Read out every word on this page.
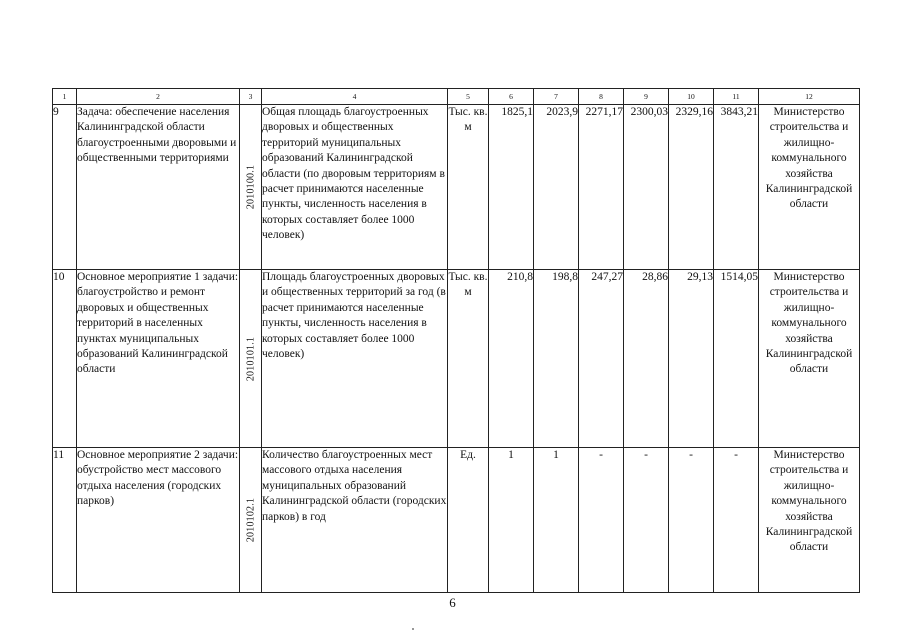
1	2	3	4	5	6	7	8	9	10	11	12
9	Задача: обеспечение населения Калининградской области благоустроенными дворовыми и общественными территориями	2010100.1	Общая площадь благоустроенных дворовых и общественных территорий муниципальных образований Калининградской области (по дворовым территориям в расчет принимаются населенные пункты, численность населения в которых составляет более 1000 человек)	Тыс. кв. м	1825,1	2023,9	2271,17	2300,03	2329,16	3843,21	Министерство строительства и жилищно-коммунального хозяйства Калининградской области
10	Основное мероприятие 1 задачи: благоустройство и ремонт дворовых и общественных территорий в населенных пунктах муниципальных образований Калининградской области	2010101.1	Площадь благоустроенных дворовых и общественных территорий за год (в расчет принимаются населенные пункты, численность населения в которых составляет более 1000 человек)	Тыс. кв. м	210,8	198,8	247,27	28,86	29,13	1514,05	Министерство строительства и жилищно-коммунального хозяйства Калининградской области
11	Основное мероприятие 2 задачи: обустройство мест массового отдыха населения (городских парков)	2010102.1	Количество благоустроенных мест массового отдыха населения муниципальных образований Калининградской области (городских парков) в год	Ед.	1	1	-	-	-	-	Министерство строительства и жилищно-коммунального хозяйства Калининградской области
6
